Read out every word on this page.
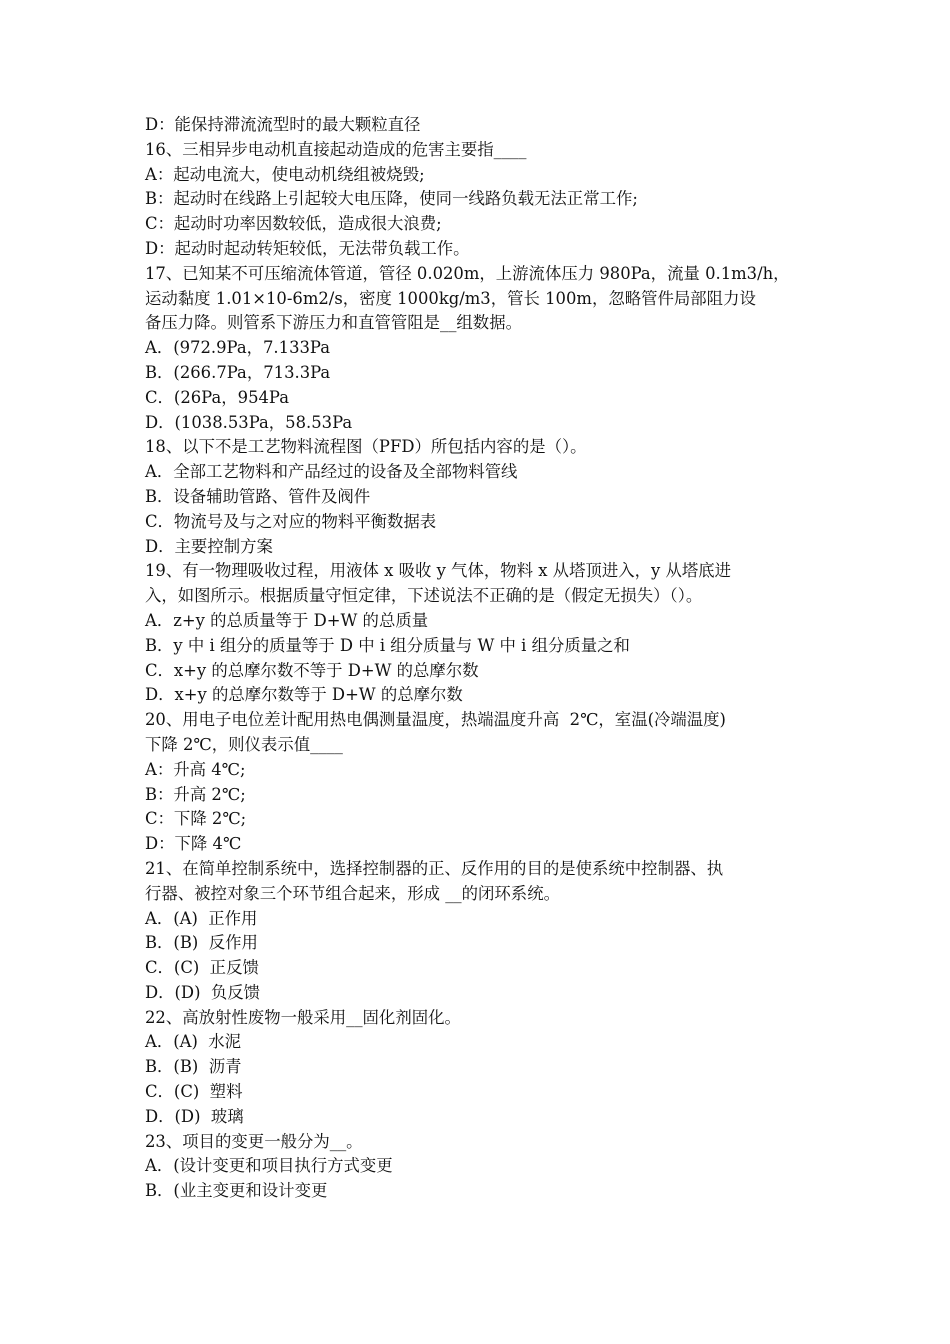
D：能保持滞流流型时的最大颗粒直径
16、三相异步电动机直接起动造成的危害主要指____
A：起动电流大，使电动机绕组被烧毁;
B：起动时在线路上引起较大电压降，使同一线路负载无法正常工作;
C：起动时功率因数较低，造成很大浪费;
D：起动时起动转矩较低，无法带负载工作。
17、已知某不可压缩流体管道，管径 0.020m，上游流体压力 980Pa，流量 0.1m3/h，
运动黏度 1.01×10-6m2/s，密度 1000kg/m3，管长 100m，忽略管件局部阻力设
备压力降。则管系下游压力和直管管阻是__组数据。
A．(972.9Pa，7.133Pa
B．(266.7Pa，713.3Pa
C．(26Pa，954Pa
D．(1038.53Pa，58.53Pa
18、以下不是工艺物料流程图（PFD）所包括内容的是（）。
A．全部工艺物料和产品经过的设备及全部物料管线
B．设备辅助管路、管件及阀件
C．物流号及与之对应的物料平衡数据表
D．主要控制方案
19、有一物理吸收过程，用液体 x 吸收 y 气体，物料 x 从塔顶进入，y 从塔底进
入，如图所示。根据质量守恒定律，下述说法不正确的是（假定无损失）（）。
A．z+y 的总质量等于 D+W 的总质量
B．y 中 i 组分的质量等于 D 中 i 组分质量与 W 中 i 组分质量之和
C．x+y 的总摩尔数不等于 D+W 的总摩尔数
D．x+y 的总摩尔数等于 D+W 的总摩尔数
20、用电子电位差计配用热电偶测量温度，热端温度升高  2℃，室温(冷端温度)
下降 2℃，则仪表示值____
A：升高 4℃;
B：升高 2℃;
C：下降 2℃;
D：下降 4℃
21、在简单控制系统中，选择控制器的正、反作用的目的是使系统中控制器、执
行器、被控对象三个环节组合起来，形成 __的闭环系统。
A．(A)  正作用
B．(B)  反作用
C．(C)  正反馈
D．(D)  负反馈
22、高放射性废物一般采用__固化剂固化。
A．(A)  水泥
B．(B)  沥青
C．(C)  塑料
D．(D)  玻璃
23、项目的变更一般分为__。
A．(设计变更和项目执行方式变更
B．(业主变更和设计变更
